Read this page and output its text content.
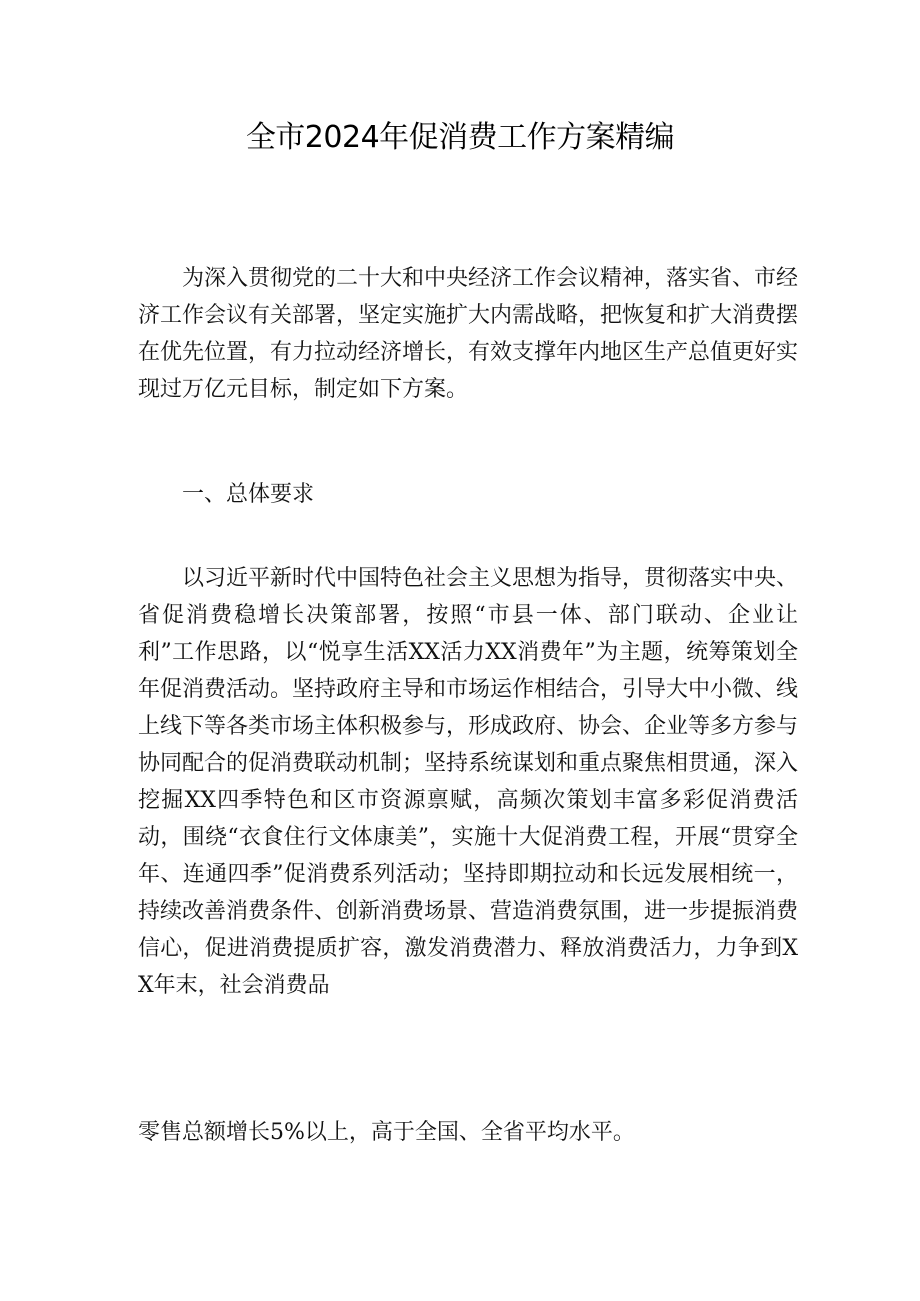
全市2024年促消费工作方案精编

为深入贯彻党的二十大和中央经济工作会议精神，落实省、市经济工作会议有关部署，坚定实施扩大内需战略，把恢复和扩大消费摆在优先位置，有力拉动经济增长，有效支撑年内地区生产总值更好实现过万亿元目标，制定如下方案。

一、总体要求

以习近平新时代中国特色社会主义思想为指导，贯彻落实中央、省促消费稳增长决策部署，按照“市县一体、部门联动、企业让利”工作思路，以“悦享生活XX活力XX消费年”为主题，统筹策划全年促消费活动。坚持政府主导和市场运作相结合，引导大中小微、线上线下等各类市场主体积极参与，形成政府、协会、企业等多方参与协同配合的促消费联动机制；坚持系统谋划和重点聚焦相贯通，深入挖掘XX四季特色和区市资源禀赋，高频次策划丰富多彩促消费活动，围绕“衣食住行文体康美”，实施十大促消费工程，开展“贯穿全年、连通四季”促消费系列活动；坚持即期拉动和长远发展相统一，持续改善消费条件、创新消费场景、营造消费氛围，进一步提振消费信心，促进消费提质扩容，激发消费潜力、释放消费活力，力争到XX年末，社会消费品

零售总额增长5%以上，高于全国、全省平均水平。
